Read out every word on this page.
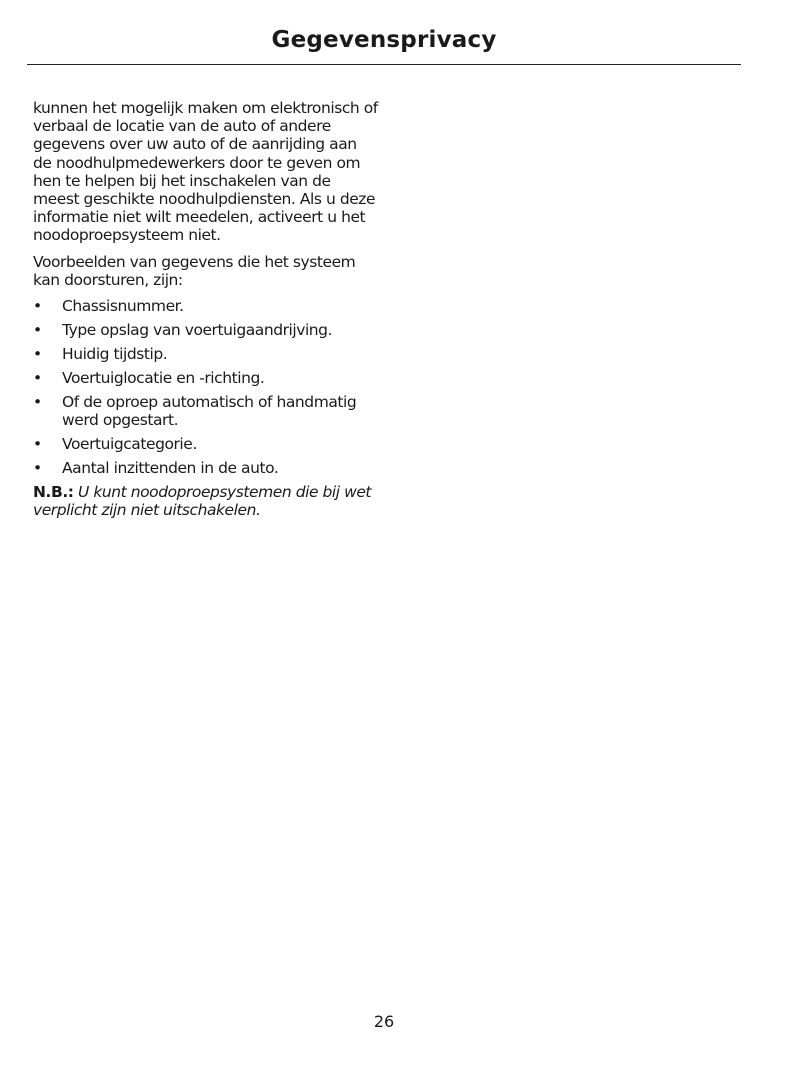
Gegevensprivacy

kunnen het mogelijk maken om elektronisch of verbaal de locatie van de auto of andere gegevens over uw auto of de aanrijding aan de noodhulpmedewerkers door te geven om hen te helpen bij het inschakelen van de meest geschikte noodhulpdiensten. Als u deze informatie niet wilt meedelen, activeert u het noodoproepsysteem niet.

Voorbeelden van gegevens die het systeem kan doorsturen, zijn:

• Chassisnummer.
• Type opslag van voertuigaandrijving.
• Huidig tijdstip.
• Voertuiglocatie en -richting.
• Of de oproep automatisch of handmatig werd opgestart.
• Voertuigcategorie.
• Aantal inzittenden in de auto.

N.B.: U kunt noodoproepsystemen die bij wet verplicht zijn niet uitschakelen.

26
